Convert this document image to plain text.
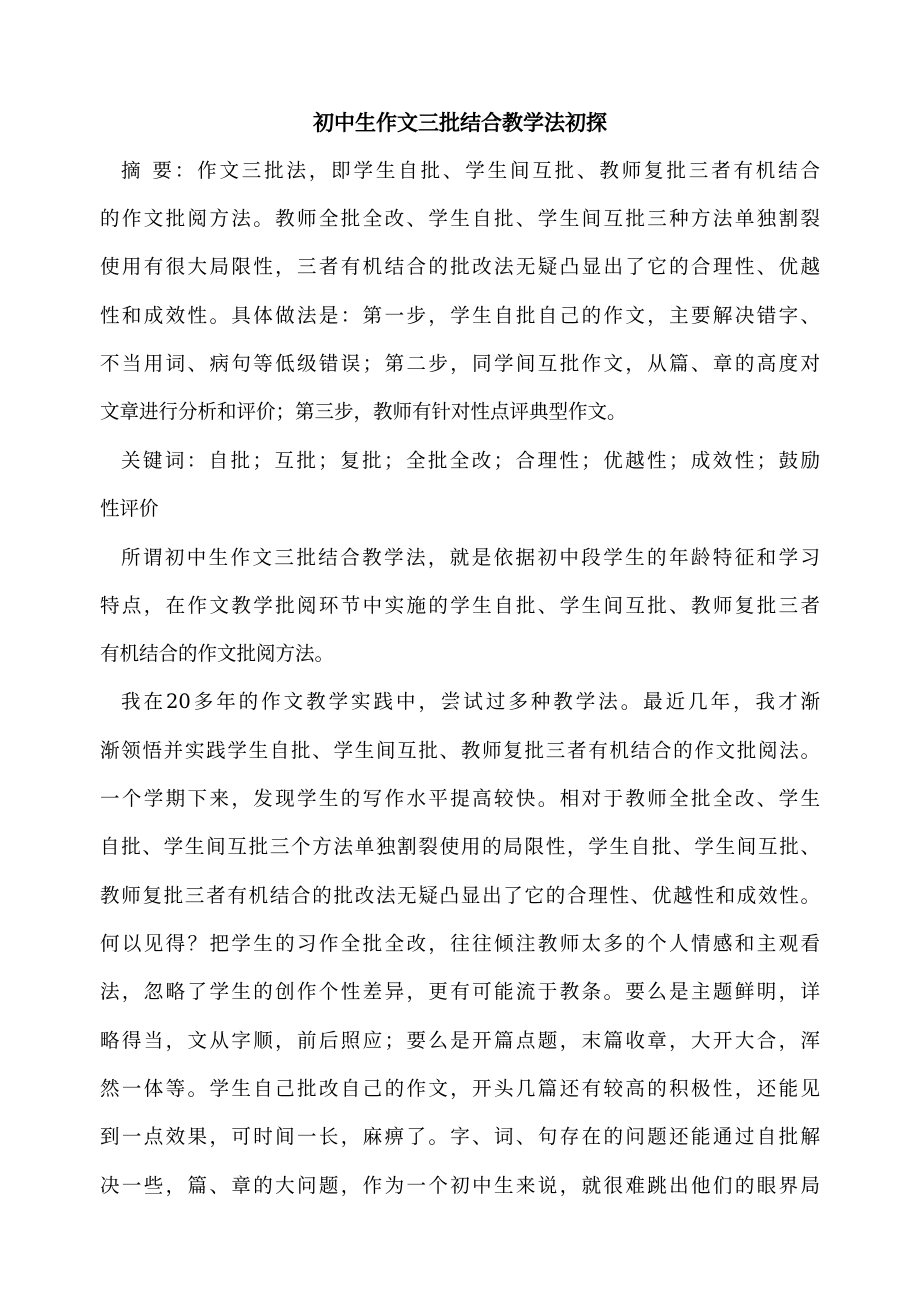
初中生作文三批结合教学法初探
摘 要：作文三批法，即学生自批、学生间互批、教师复批三者有机结合
的作文批阅方法。教师全批全改、学生自批、学生间互批三种方法单独割裂
使用有很大局限性，三者有机结合的批改法无疑凸显出了它的合理性、优越
性和成效性。具体做法是：第一步，学生自批自己的作文，主要解决错字、
不当用词、病句等低级错误；第二步，同学间互批作文，从篇、章的高度对
文章进行分析和评价；第三步，教师有针对性点评典型作文。
关键词：自批；互批；复批；全批全改；合理性；优越性；成效性；鼓励
性评价
所谓初中生作文三批结合教学法，就是依据初中段学生的年龄特征和学习
特点，在作文教学批阅环节中实施的学生自批、学生间互批、教师复批三者
有机结合的作文批阅方法。
我在20多年的作文教学实践中，尝试过多种教学法。最近几年，我才渐
渐领悟并实践学生自批、学生间互批、教师复批三者有机结合的作文批阅法。
一个学期下来，发现学生的写作水平提高较快。相对于教师全批全改、学生
自批、学生间互批三个方法单独割裂使用的局限性，学生自批、学生间互批、
教师复批三者有机结合的批改法无疑凸显出了它的合理性、优越性和成效性。
何以见得？把学生的习作全批全改，往往倾注教师太多的个人情感和主观看
法，忽略了学生的创作个性差异，更有可能流于教条。要么是主题鲜明，详
略得当，文从字顺，前后照应；要么是开篇点题，末篇收章，大开大合，浑
然一体等。学生自己批改自己的作文，开头几篇还有较高的积极性，还能见
到一点效果，可时间一长，麻痹了。字、词、句存在的问题还能通过自批解
决一些，篇、章的大问题，作为一个初中生来说，就很难跳出他们的眼界局
